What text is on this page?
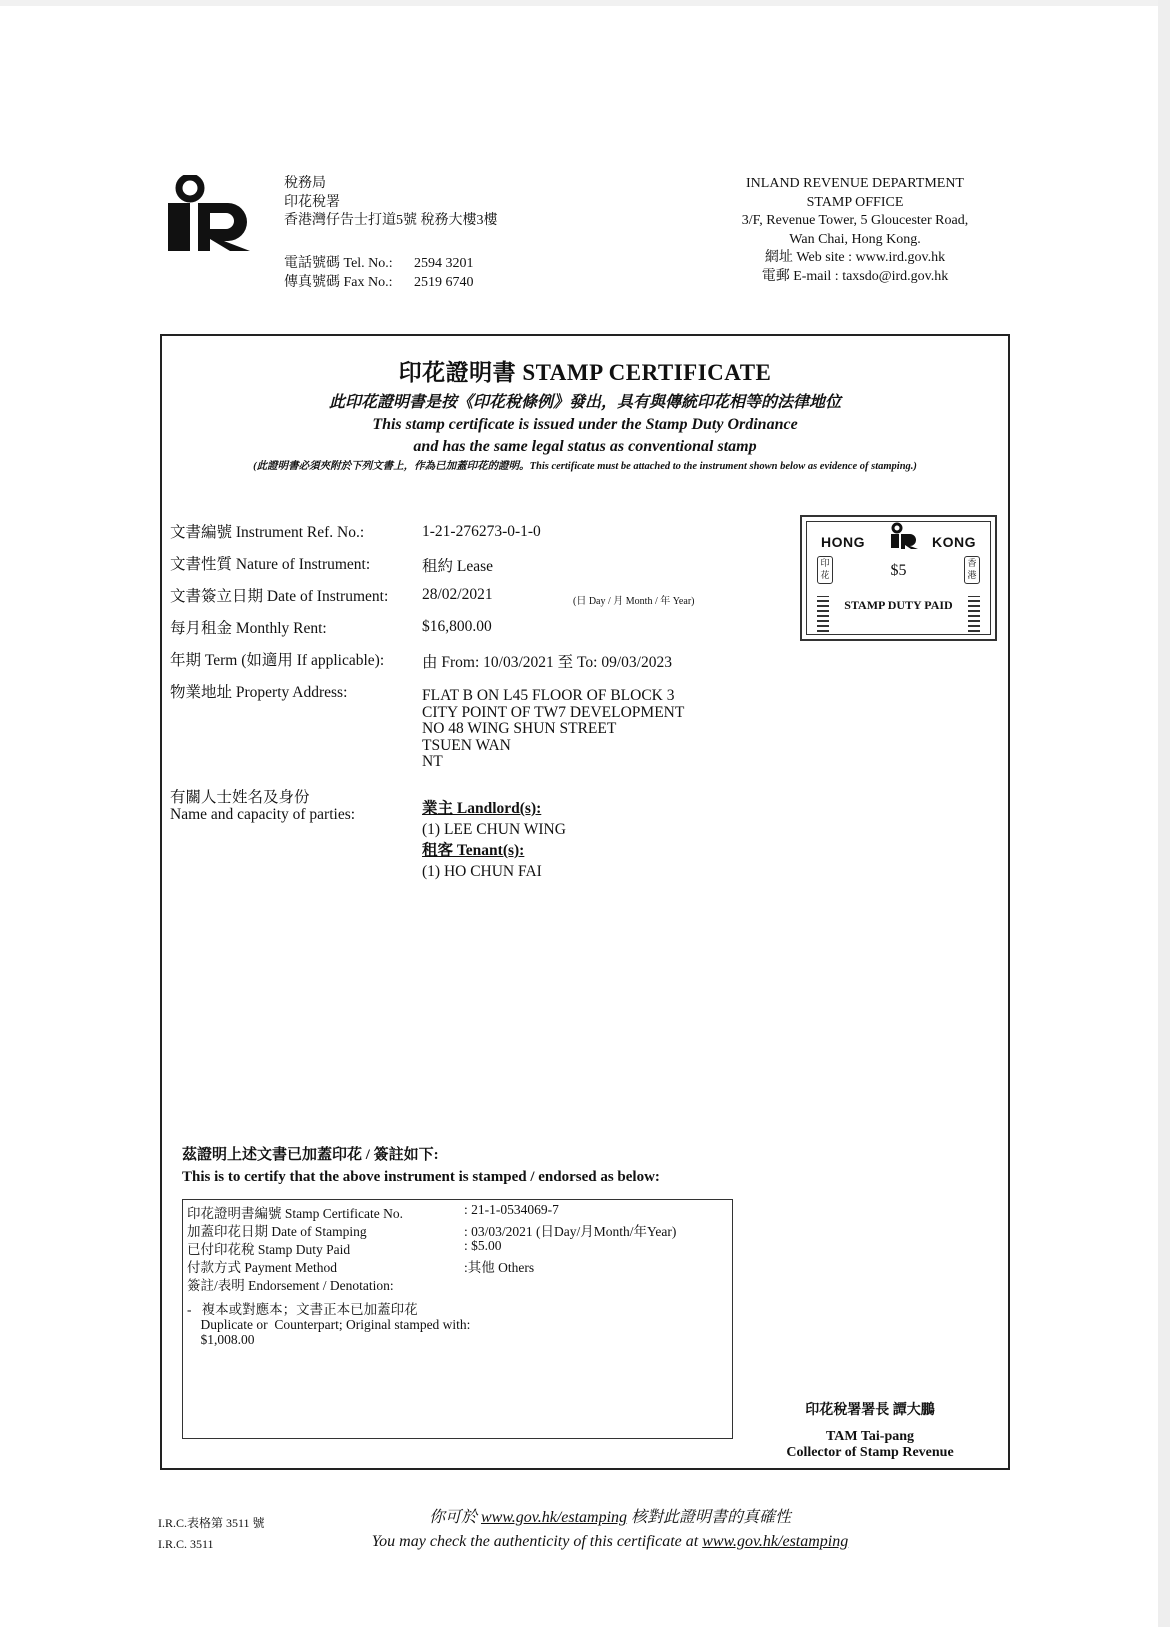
稅務局
印花稅署
香港灣仔告士打道5號 稅務大樓3樓
電話號碼 Tel. No.: 2594 3201
傳真號碼 Fax No.: 2519 6740
INLAND REVENUE DEPARTMENT
STAMP OFFICE
3/F, Revenue Tower, 5 Gloucester Road,
Wan Chai, Hong Kong.
網址 Web site : www.ird.gov.hk
電郵 E-mail : taxsdo@ird.gov.hk
印花證明書 STAMP CERTIFICATE
此印花證明書是按《印花稅條例》發出，具有與傳統印花相等的法律地位
This stamp certificate is issued under the Stamp Duty Ordinance
and has the same legal status as conventional stamp
(此證明書必須夾附於下列文書上，作為已加蓋印花的證明。This certificate must be attached to the instrument shown below as evidence of stamping.)
文書編號 Instrument Ref. No.:	1-21-276273-0-1-0
文書性質 Nature of Instrument:	租約 Lease
文書簽立日期 Date of Instrument: 28/02/2021	(日 Day / 月 Month / 年 Year)
每月租金 Monthly Rent:	$16,800.00
年期 Term (如適用 If applicable): 由 From: 10/03/2021 至 To: 09/03/2023
物業地址 Property Address:	FLAT B ON L45 FLOOR OF BLOCK 3
CITY POINT OF TW7 DEVELOPMENT
NO 48 WING SHUN STREET
TSUEN WAN
NT
有關人士姓名及身份
Name and capacity of parties:	業主 Landlord(s):
(1) LEE CHUN WING
租客 Tenant(s):
(1) HO CHUN FAI
HONG	KONG
印花	$5	香港
STAMP DUTY PAID
茲證明上述文書已加蓋印花 / 簽註如下:
This is to certify that the above instrument is stamped / endorsed as below:
印花證明書編號 Stamp Certificate No.	: 21-1-0534069-7
加蓋印花日期 Date of Stamping	: 03/03/2021 (日Day/月Month/年Year)
已付印花稅 Stamp Duty Paid	: $5.00
付款方式 Payment Method	:其他 Others
簽註/表明 Endorsement / Denotation:
-   複本或對應本；文書正本已加蓋印花
Duplicate or  Counterpart; Original stamped with:
$1,008.00
印花稅署署長 譚大鵬
TAM Tai-pang
Collector of Stamp Revenue
I.R.C.表格第 3511 號
I.R.C. 3511
你可於 www.gov.hk/estamping 核對此證明書的真確性
You may check the authenticity of this certificate at www.gov.hk/estamping
